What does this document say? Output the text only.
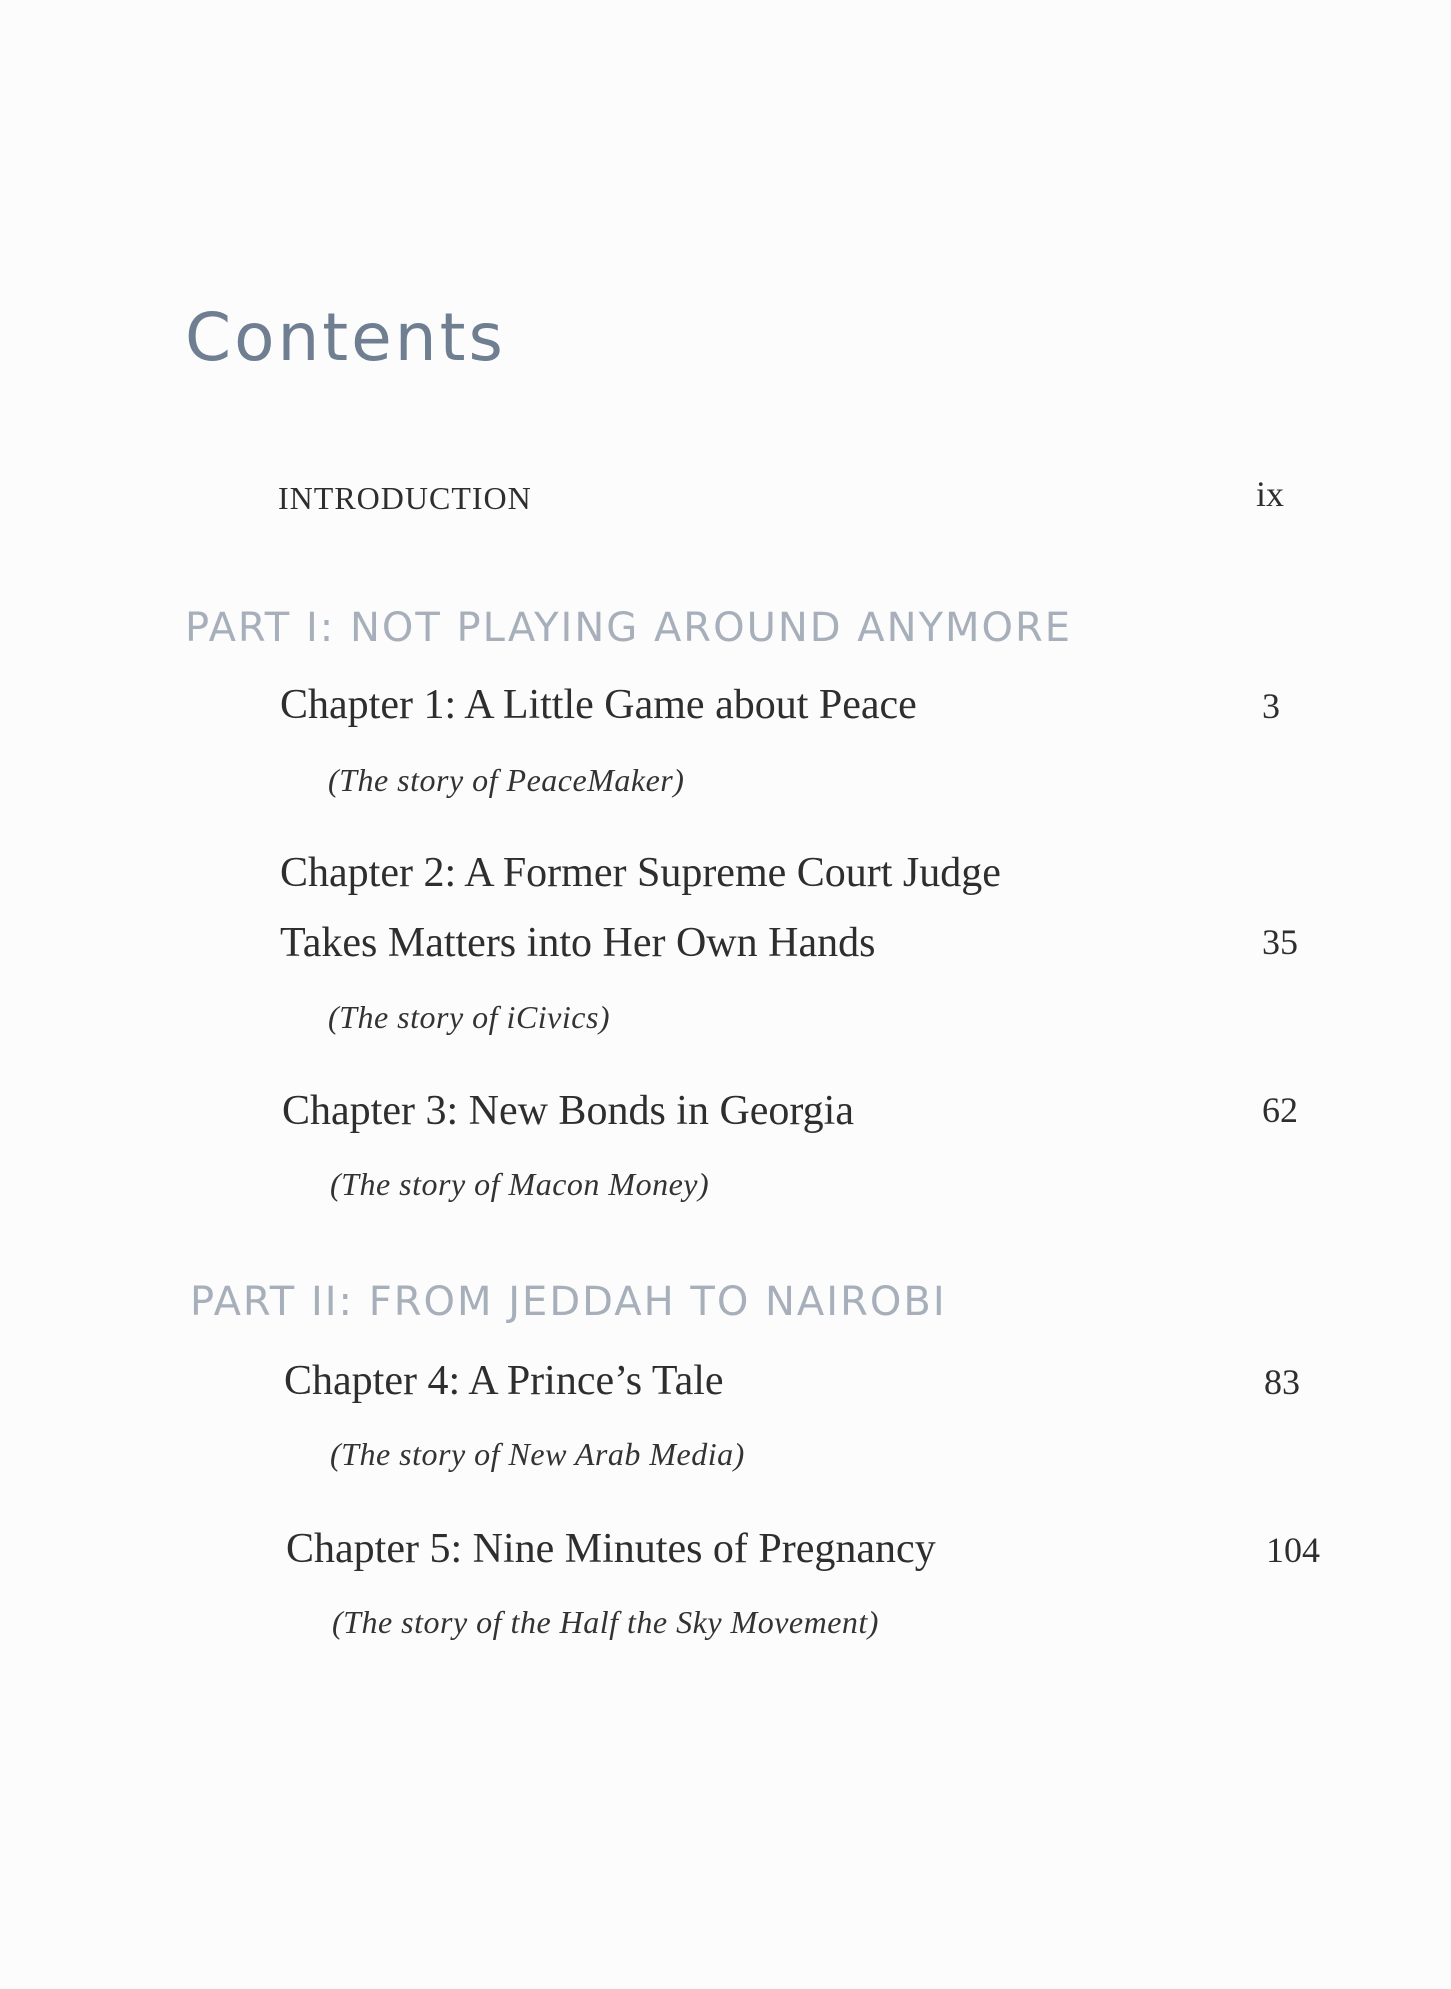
Contents
INTRODUCTION	ix
PART I: NOT PLAYING AROUND ANYMORE
Chapter 1: A Little Game about Peace	3
(The story of PeaceMaker)
Chapter 2: A Former Supreme Court Judge
Takes Matters into Her Own Hands	35
(The story of iCivics)
Chapter 3: New Bonds in Georgia	62
(The story of Macon Money)
PART II: FROM JEDDAH TO NAIROBI
Chapter 4: A Prince’s Tale	83
(The story of New Arab Media)
Chapter 5: Nine Minutes of Pregnancy	104
(The story of the Half the Sky Movement)
